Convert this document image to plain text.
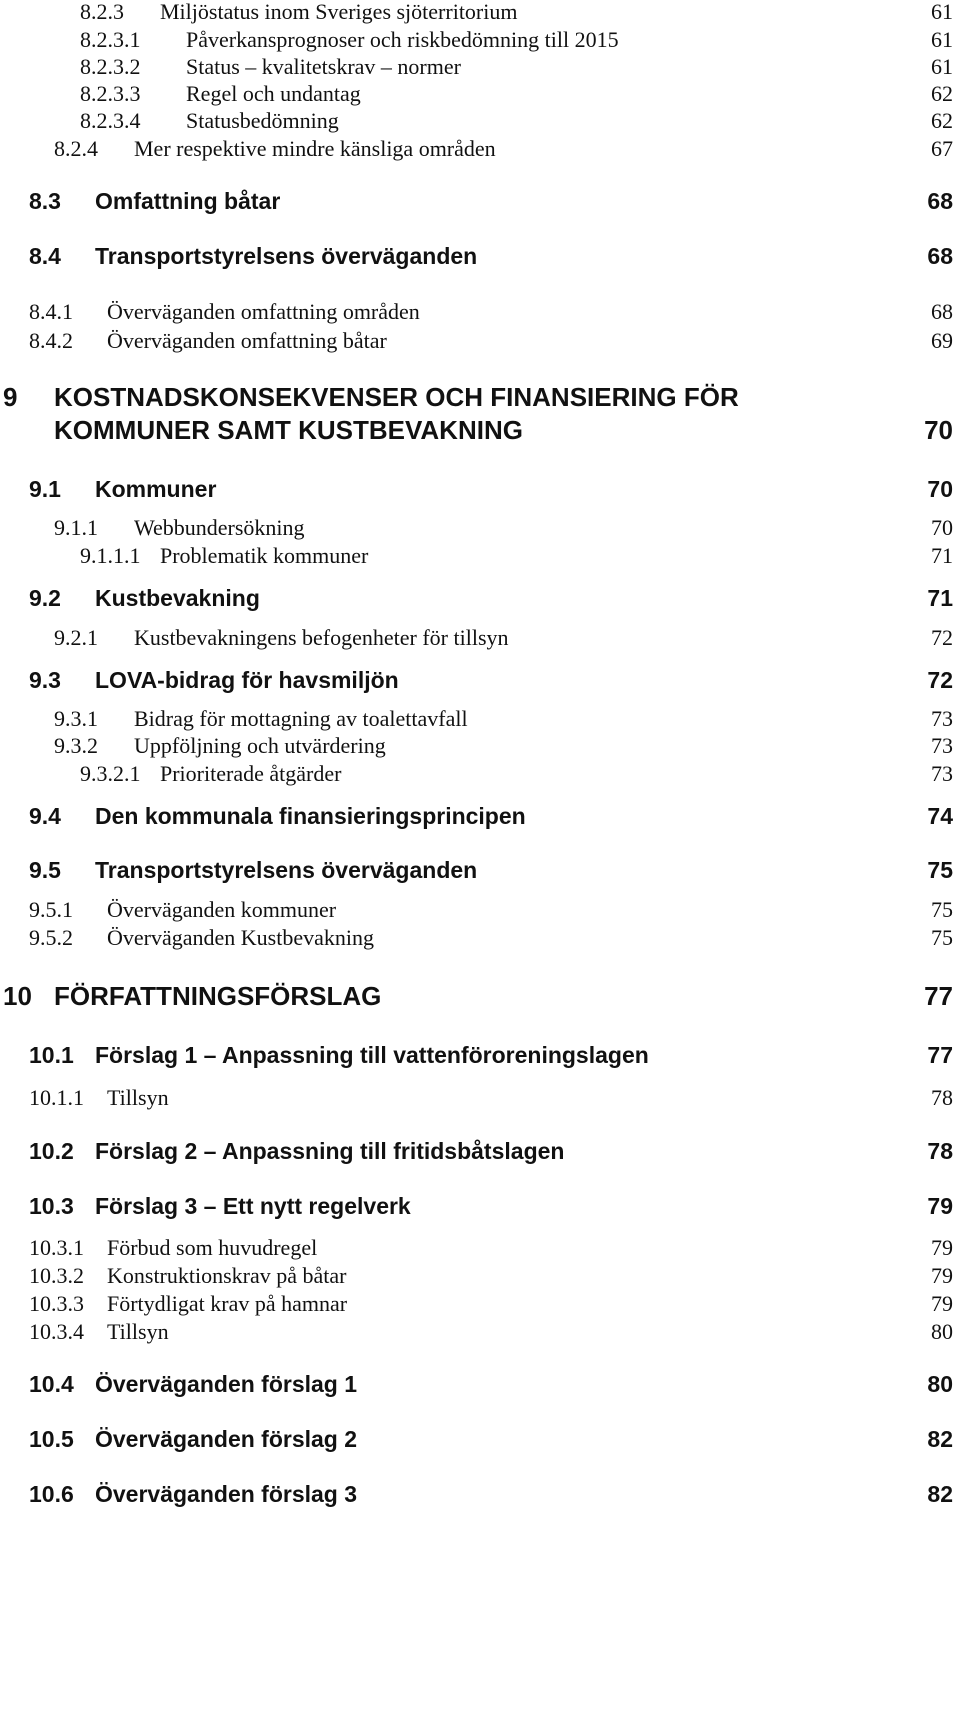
8.2.3 Miljöstatus inom Sveriges sjöterritorium	61
8.2.3.1 Påverkansprognoser och riskbedömning till 2015	61
8.2.3.2 Status – kvalitetskrav – normer	61
8.2.3.3 Regel och undantag	62
8.2.3.4 Statusbedömning	62
8.2.4 Mer respektive mindre känsliga områden	67
8.3 Omfattning båtar	68
8.4 Transportstyrelsens överväganden	68
8.4.1 Överväganden omfattning områden	68
8.4.2 Överväganden omfattning båtar	69
9 KOSTNADSKONSEKVENSER OCH FINANSIERING FÖR
KOMMUNER SAMT KUSTBEVAKNING	70
9.1 Kommuner	70
9.1.1 Webbundersökning	70
9.1.1.1 Problematik kommuner	71
9.2 Kustbevakning	71
9.2.1 Kustbevakningens befogenheter för tillsyn	72
9.3 LOVA-bidrag för havsmiljön	72
9.3.1 Bidrag för mottagning av toalettavfall	73
9.3.2 Uppföljning och utvärdering	73
9.3.2.1 Prioriterade åtgärder	73
9.4 Den kommunala finansieringsprincipen	74
9.5 Transportstyrelsens överväganden	75
9.5.1 Överväganden kommuner	75
9.5.2 Överväganden Kustbevakning	75
10 FÖRFATTNINGSFÖRSLAG	77
10.1 Förslag 1 – Anpassning till vattenföroreningslagen	77
10.1.1 Tillsyn	78
10.2 Förslag 2 – Anpassning till fritidsbåtslagen	78
10.3 Förslag 3 – Ett nytt regelverk	79
10.3.1 Förbud som huvudregel	79
10.3.2 Konstruktionskrav på båtar	79
10.3.3 Förtydligat krav på hamnar	79
10.3.4 Tillsyn	80
10.4 Överväganden förslag 1	80
10.5 Överväganden förslag 2	82
10.6 Överväganden förslag 3	82
